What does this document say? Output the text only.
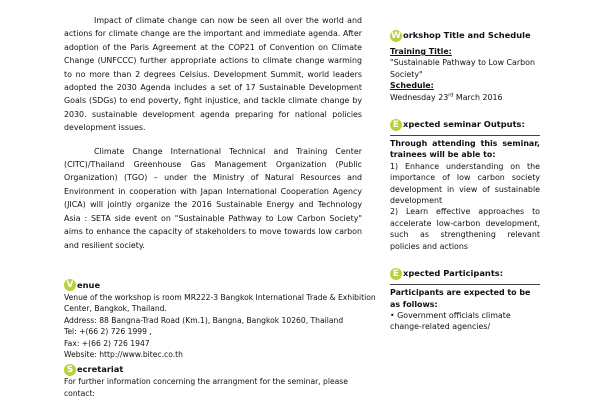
Impact of climate change can now be seen all over the world and actions for climate change are the important and immediate agenda. After adoption of the Paris Agreement at the COP21 of Convention on Climate Change (UNFCCC) further appropriate actions to climate change warming to no more than 2 degrees Celsius. Development Summit, world leaders adopted the 2030 Agenda includes a set of 17 Sustainable Development Goals (SDGs) to end poverty, fight injustice, and tackle climate change by 2030. sustainable development agenda preparing for national policies development issues.

Climate Change International Technical and Training Center (CITC)/Thailand Greenhouse Gas Management Organization (Public Organization) (TGO) – under the Ministry of Natural Resources and Environment in cooperation with Japan International Cooperation Agency (JICA) will jointly organize the 2016 Sustainable Energy and Technology Asia : SETA side event on "Sustainable Pathway to Low Carbon Society" aims to enhance the capacity of stakeholders to move towards low carbon and resilient society.

V enue
Venue of the workshop is room MR222-3 Bangkok International Trade & Exhibition
Center, Bangkok, Thailand.
Address: 88 Bangna-Trad Road (Km.1), Bangna, Bangkok 10260, Thailand
Tel: +(66 2) 726 1999 ,
Fax: +(66 2) 726 1947
Website: http://www.bitec.co.th
S ecretariat
For further information concerning the arrangment for the seminar, please
contact:
W orkshop Title and Schedule
Training Title:
"Sustainable Pathway to Low Carbon Society"
Schedule:
Wednesday 23rd March 2016
E xpected seminar Outputs:
Through attending this seminar, trainees will be able to:
1) Enhance understanding on the importance of low carbon society development in view of sustainable development
2) Learn effective approaches to accelerate low-carbon development, such as strengthening relevant policies and actions
E xpected Participants:
Participants are expected to be as follows:
• Government officials climate change-related agencies/
